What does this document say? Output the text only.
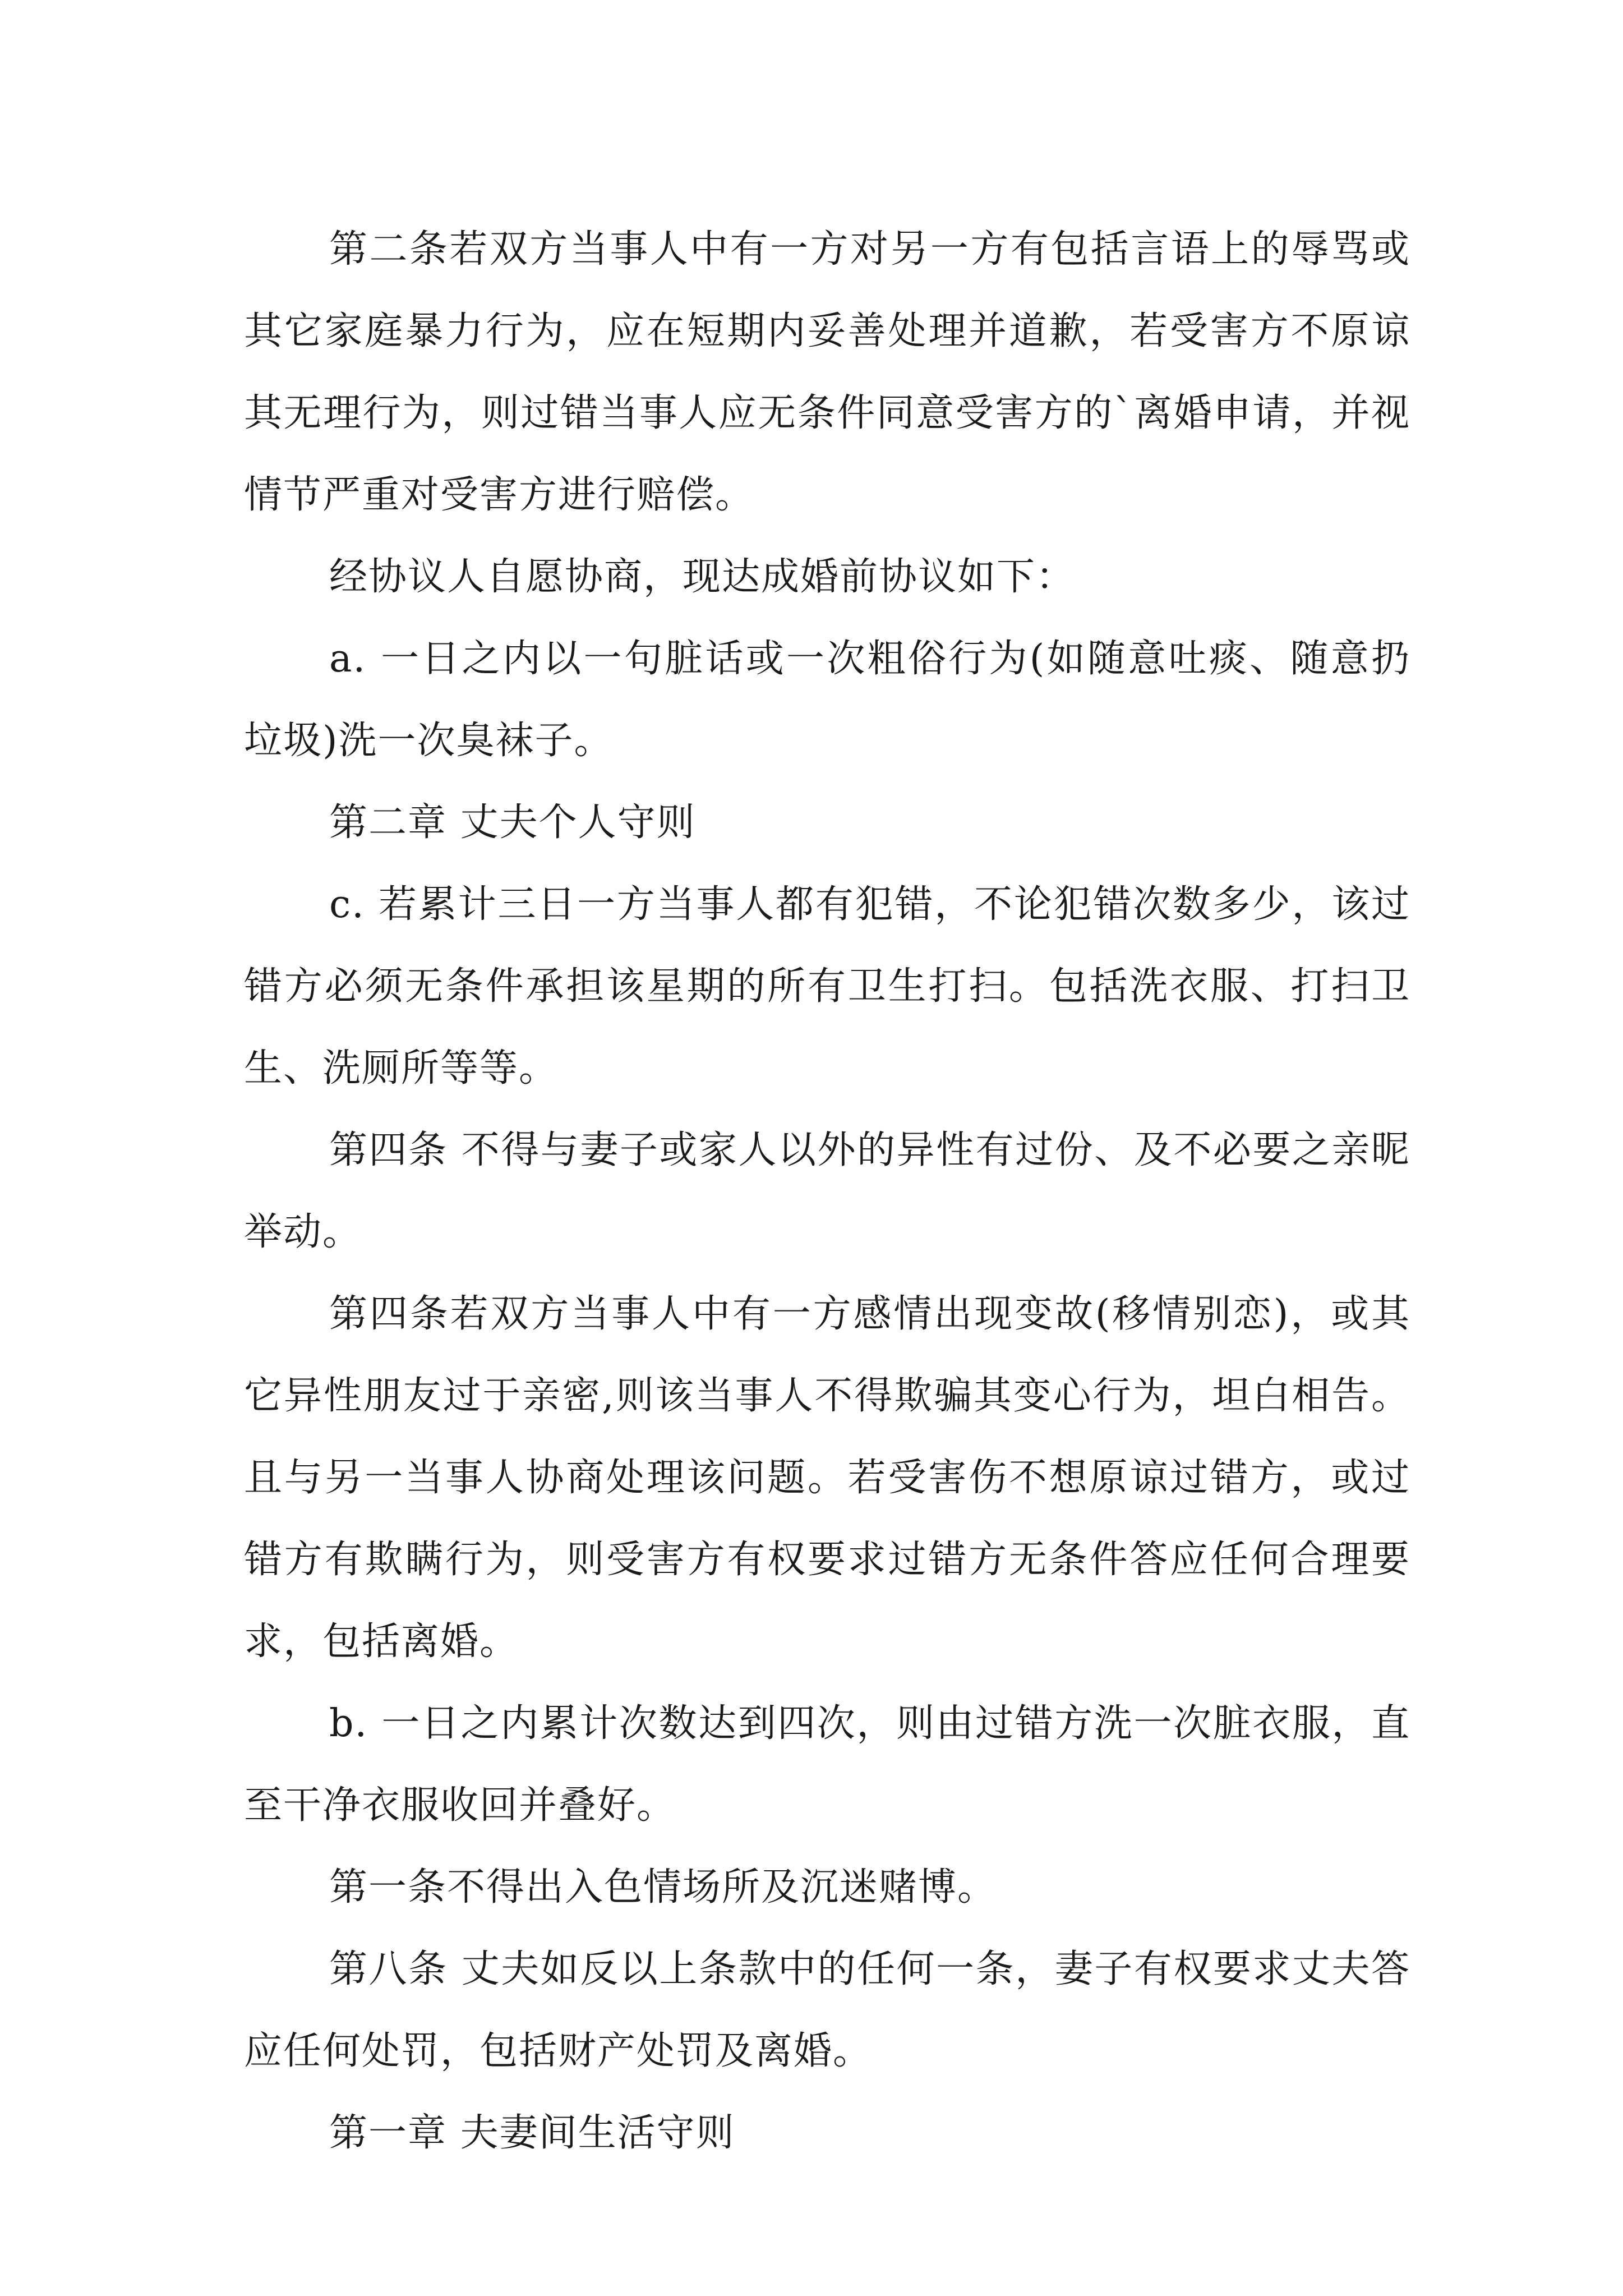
第二条若双方当事人中有一方对另一方有包括言语上的辱骂或其它家庭暴力行为，应在短期内妥善处理并道歉，若受害方不原谅其无理行为，则过错当事人应无条件同意受害方的`离婚申请，并视情节严重对受害方进行赔偿。

经协议人自愿协商，现达成婚前协议如下：

a. 一日之内以一句脏话或一次粗俗行为(如随意吐痰、随意扔垃圾)洗一次臭袜子。

第二章 丈夫个人守则

c. 若累计三日一方当事人都有犯错，不论犯错次数多少，该过错方必须无条件承担该星期的所有卫生打扫。包括洗衣服、打扫卫生、洗厕所等等。

第四条 不得与妻子或家人以外的异性有过份、及不必要之亲昵举动。

第四条若双方当事人中有一方感情出现变故(移情别恋)，或其它异性朋友过于亲密,则该当事人不得欺骗其变心行为，坦白相告。且与另一当事人协商处理该问题。若受害伤不想原谅过错方，或过错方有欺瞒行为，则受害方有权要求过错方无条件答应任何合理要求，包括离婚。

b. 一日之内累计次数达到四次，则由过错方洗一次脏衣服，直至干净衣服收回并叠好。

第一条不得出入色情场所及沉迷赌博。

第八条 丈夫如反以上条款中的任何一条，妻子有权要求丈夫答应任何处罚，包括财产处罚及离婚。

第一章 夫妻间生活守则
